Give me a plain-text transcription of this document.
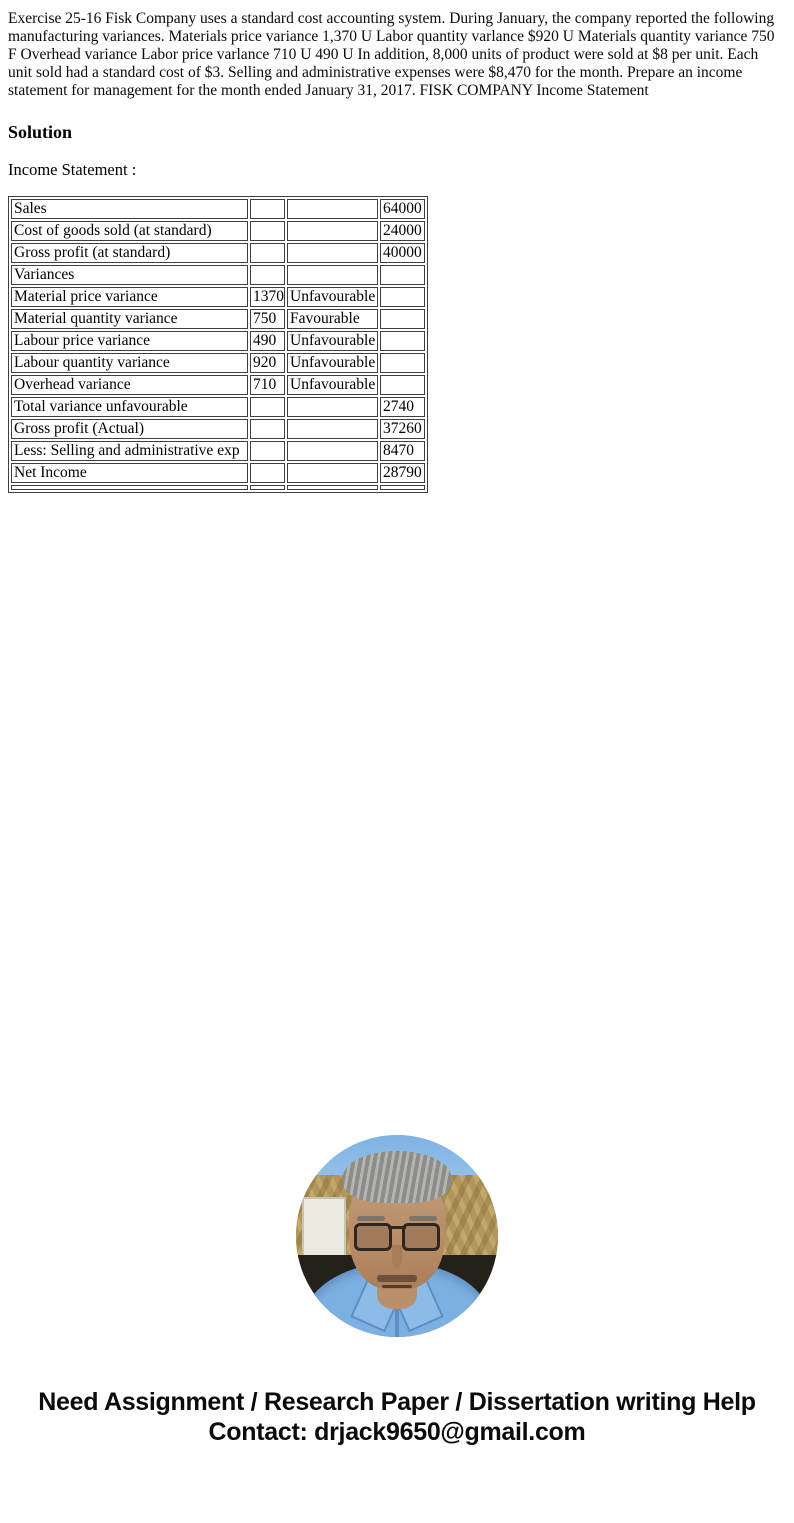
Exercise 25-16 Fisk Company uses a standard cost accounting system. During January, the company reported the following manufacturing variances. Materials price variance 1,370 U Labor quantity varlance $920 U Materials quantity variance 750 F Overhead variance Labor price varlance 710 U 490 U In addition, 8,000 units of product were sold at $8 per unit. Each unit sold had a standard cost of $3. Selling and administrative expenses were $8,470 for the month. Prepare an income statement for management for the month ended January 31, 2017. FISK COMPANY Income Statement

Solution
Income Statement :
Sales			64000
Cost of goods sold (at standard)			24000
Gross profit (at standard)			40000
Variances			
Material price variance	1370	Unfavourable	
Material quantity variance	750	Favourable	
Labour price variance	490	Unfavourable	
Labour quantity variance	920	Unfavourable	
Overhead variance	710	Unfavourable	
Total variance unfavourable			2740
Gross profit (Actual)			37260
Less: Selling and administrative exp			8470
Net Income			28790

Need Assignment / Research Paper / Dissertation writing Help
Contact: drjack9650@gmail.com
